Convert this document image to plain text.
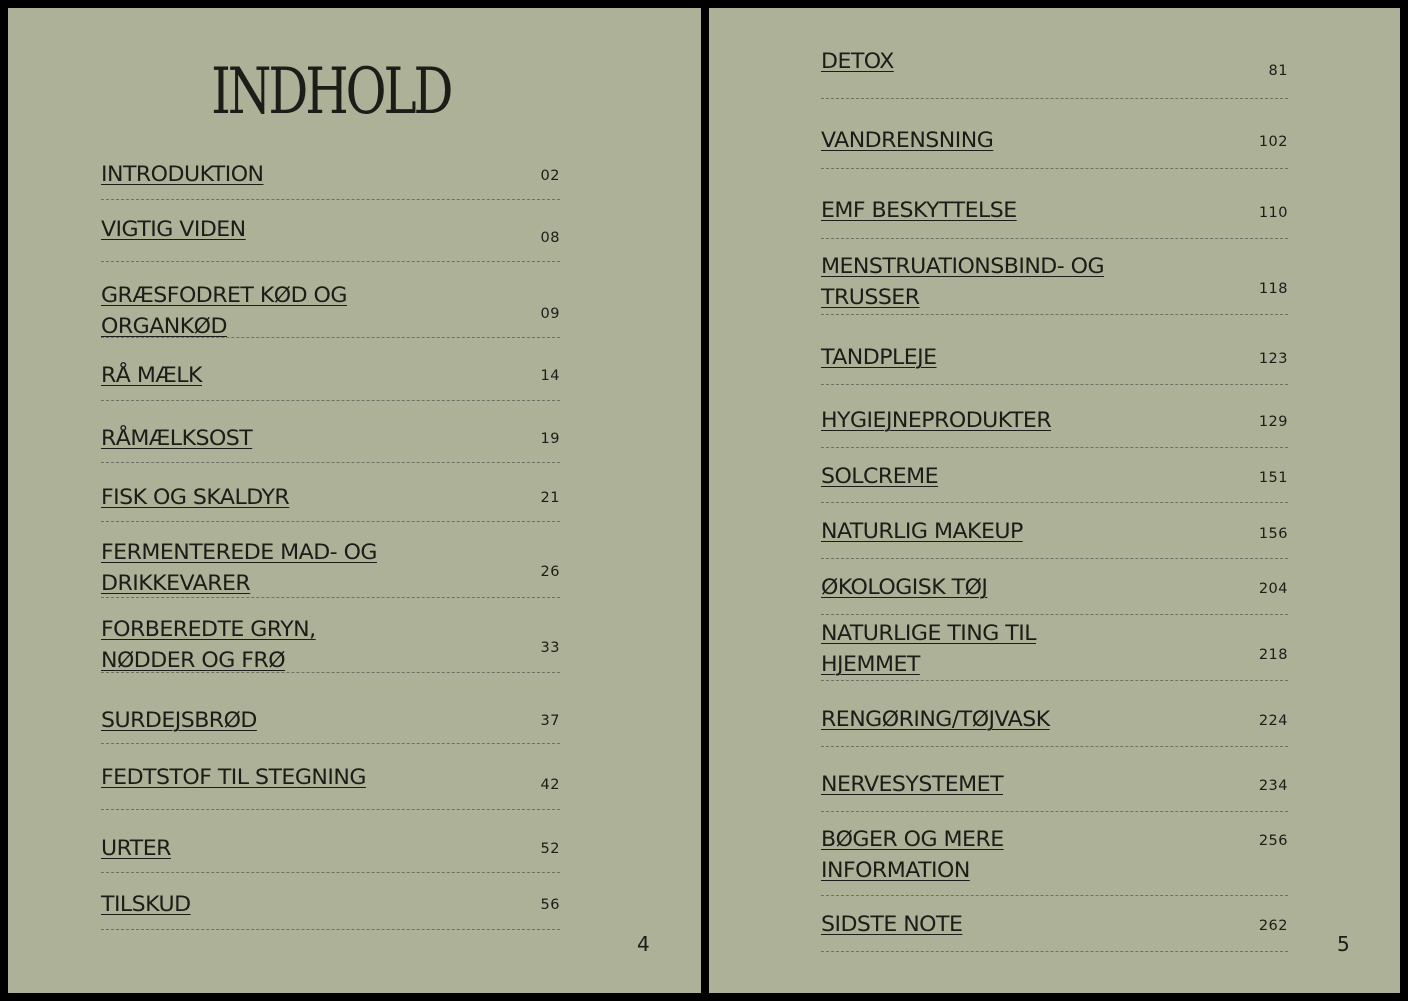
INDHOLD
INTRODUKTION	02
VIGTIG VIDEN	08
GRÆSFODRET KØD OG
ORGANKØD	09
RÅ MÆLK	14
RÅMÆLKSOST	19
FISK OG SKALDYR	21
FERMENTEREDE MAD- OG
DRIKKEVARER	26
FORBEREDTE GRYN,
NØDDER OG FRØ	33
SURDEJSBRØD	37
FEDTSTOF TIL STEGNING	42
URTER	52
TILSKUD	56
4
DETOX	81
VANDRENSNING	102
EMF BESKYTTELSE	110
MENSTRUATIONSBIND- OG
TRUSSER	118
TANDPLEJE	123
HYGIEJNEPRODUKTER	129
SOLCREME	151
NATURLIG MAKEUP	156
ØKOLOGISK TØJ	204
NATURLIGE TING TIL
HJEMMET	218
RENGØRING/TØJVASK	224
NERVESYSTEMET	234
BØGER OG MERE
INFORMATION
256
SIDSTE NOTE	262
5
